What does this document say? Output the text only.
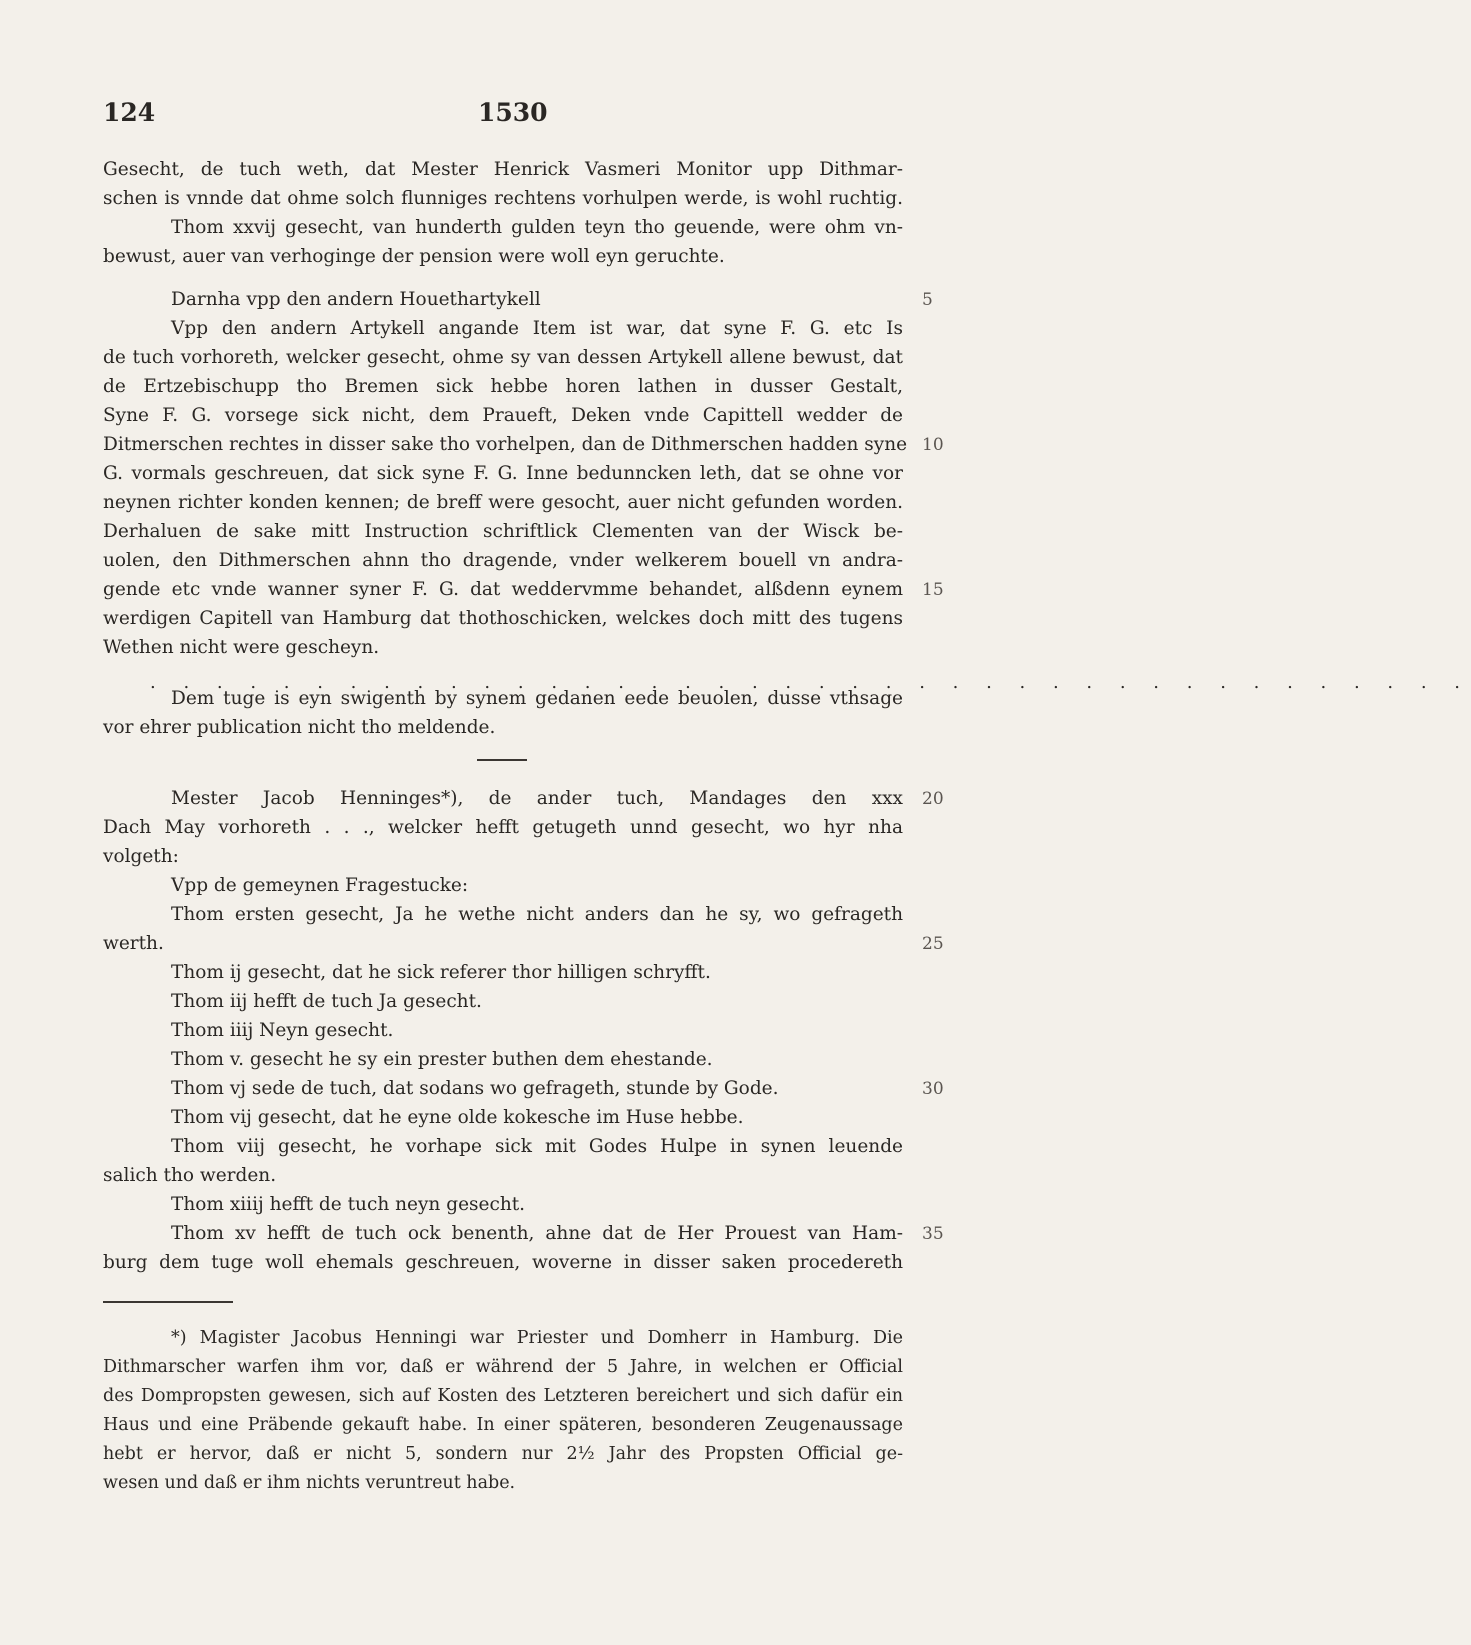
124	1530
Gesecht, de tuch weth, dat Mester Henrick Vasmeri Monitor upp Dithmar-
schen is vnnde dat ohme solch flunniges rechtens vorhulpen werde, is wohl ruchtig.
Thom xxvij gesecht, van hunderth gulden teyn tho geuende, were ohm vn-
bewust, auer van verhoginge der pension were woll eyn geruchte.
Darnha vpp den andern Houethartykell
Vpp den andern Artykell angande Item ist war, dat syne F. G. etc Is
de tuch vorhoreth, welcker gesecht, ohme sy van dessen Artykell allene bewust, dat
de Ertzebischupp tho Bremen sick hebbe horen lathen in dusser Gestalt,
Syne F. G. vorsege sick nicht, dem Praueft, Deken vnde Capittell wedder de
Ditmerschen rechtes in disser sake tho vorhelpen, dan de Dithmerschen hadden syne
G. vormals geschreuen, dat sick syne F. G. Inne bedunncken leth, dat se ohne vor
neynen richter konden kennen; de breff were gesocht, auer nicht gefunden worden.
Derhaluen de sake mitt Instruction schriftlick Clementen van der Wisck be-
uolen, den Dithmerschen ahnn tho dragende, vnder welkerem bouell vn andra-
gende etc vnde wanner syner F. G. dat weddervmme behandet, alßdenn eynem
werdigen Capitell van Hamburg dat thothoschicken, welckes doch mitt des tugens
Wethen nicht were gescheyn.
Dem tuge is eyn swigenth by synem gedanen eede beuolen, dusse vthsage
vor ehrer publication nicht tho meldende.
Mester Jacob Henninges*), de ander tuch, Mandages den xxx
Dach May vorhoreth . . ., welcker hefft getugeth unnd gesecht, wo hyr nha
volgeth:
Vpp de gemeynen Fragestucke:
Thom ersten gesecht, Ja he wethe nicht anders dan he sy, wo gefrageth
werth.
Thom ij gesecht, dat he sick referer thor hilligen schryfft.
Thom iij hefft de tuch Ja gesecht.
Thom iiij Neyn gesecht.
Thom v. gesecht he sy ein prester buthen dem ehestande.
Thom vj sede de tuch, dat sodans wo gefrageth, stunde by Gode.
Thom vij gesecht, dat he eyne olde kokesche im Huse hebbe.
Thom viij gesecht, he vorhape sick mit Godes Hulpe in synen leuende
salich tho werden.
Thom xiiij hefft de tuch neyn gesecht.
Thom xv hefft de tuch ock benenth, ahne dat de Her Prouest van Ham-
burg dem tuge woll ehemals geschreuen, woverne in disser saken procedereth
5
10
15
20
25
30
35
. . . . . . . . . . . . . . . . . . . . . . . . . . . . . . . . . . . . . . . .
*) Magister Jacobus Henningi war Priester und Domherr in Hamburg. Die
Dithmarscher warfen ihm vor, daß er während der 5 Jahre, in welchen er Official
des Dompropsten gewesen, sich auf Kosten des Letzteren bereichert und sich dafür ein
Haus und eine Präbende gekauft habe. In einer späteren, besonderen Zeugenaussage
hebt er hervor, daß er nicht 5, sondern nur 2½ Jahr des Propsten Official ge-
wesen und daß er ihm nichts veruntreut habe.
